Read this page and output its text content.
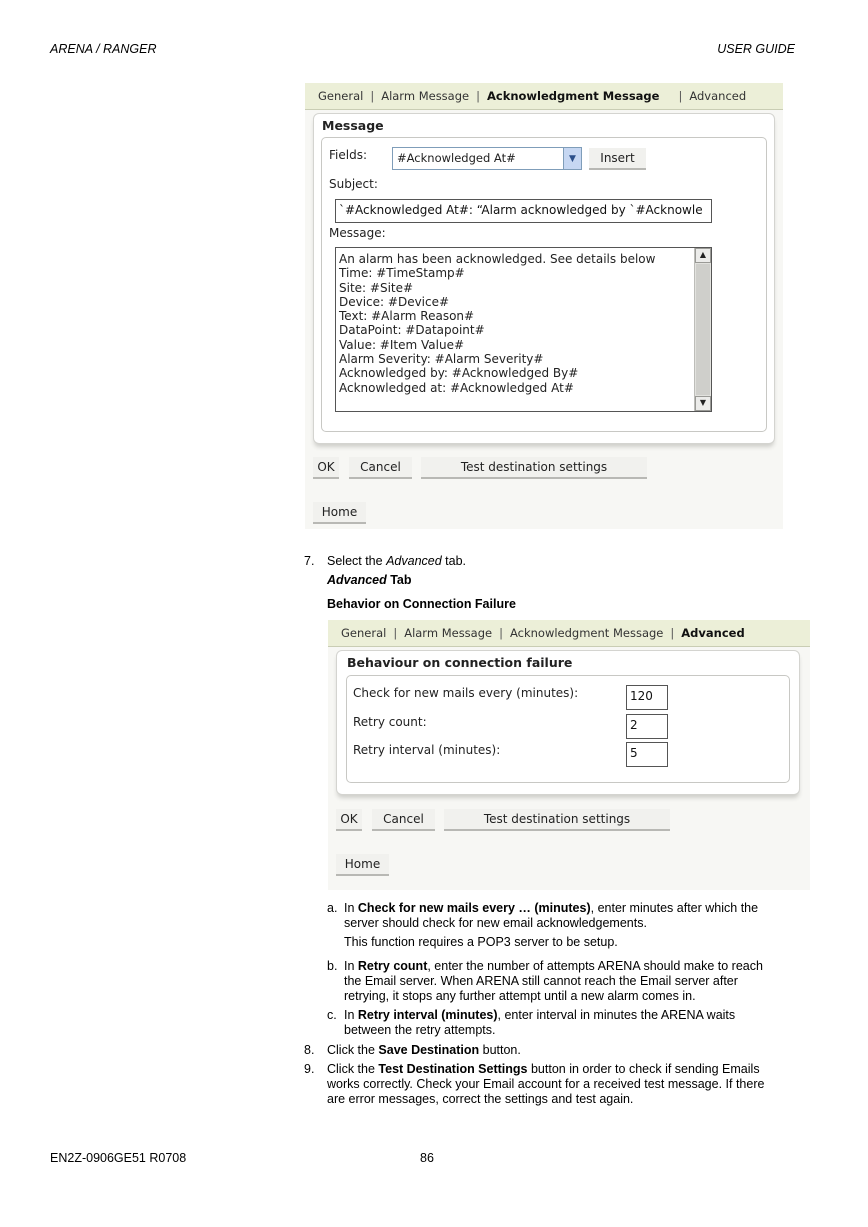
ARENA / RANGER	USER GUIDE
General | Alarm Message | Acknowledgment Message	| Advanced
Message
Fields:	#Acknowledged At#	▼	Insert
Subject:
`#Acknowledged At#: “Alarm acknowledged by `#Acknowle
Message:
An alarm has been acknowledged. See details below
Time: #TimeStamp#
Site: #Site#
Device: #Device#
Text: #Alarm Reason#
DataPoint: #Datapoint#
Value: #Item Value#
Alarm Severity: #Alarm Severity#
Acknowledged by: #Acknowledged By#
Acknowledged at: #Acknowledged At#
▲
▼
OK	Cancel	Test destination settings
Home
7. Select the Advanced tab.
Advanced Tab
Behavior on Connection Failure
General | Alarm Message | Acknowledgment Message | Advanced
Behaviour on connection failure
Check for new mails every (minutes):	120
Retry count:	2
Retry interval (minutes):	5
OK	Cancel	Test destination settings
Home
a. In Check for new mails every … (minutes), enter minutes after which the
server should check for new email acknowledgements.
This function requires a POP3 server to be setup.
b. In Retry count, enter the number of attempts ARENA should make to reach
the Email server. When ARENA still cannot reach the Email server after
retrying, it stops any further attempt until a new alarm comes in.
c. In Retry interval (minutes), enter interval in minutes the ARENA waits
between the retry attempts.
8. Click the Save Destination button.
9. Click the Test Destination Settings button in order to check if sending Emails
works correctly. Check your Email account for a received test message. If there
are error messages, correct the settings and test again.
EN2Z-0906GE51 R0708	86
